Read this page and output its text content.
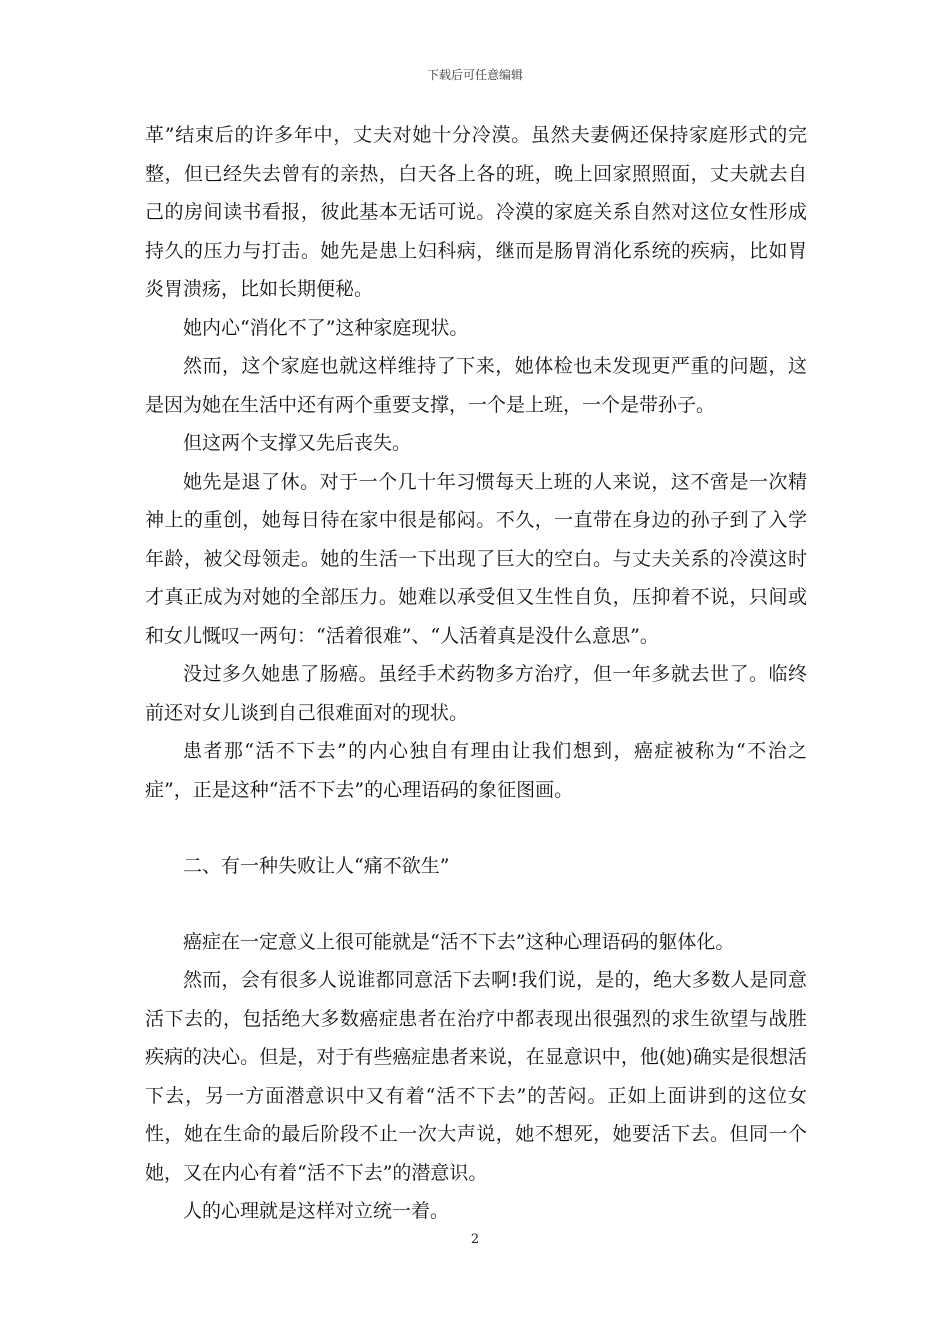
下载后可任意编辑

革”结束后的许多年中，丈夫对她十分冷漠。虽然夫妻俩还保持家庭形式的完整，但已经失去曾有的亲热，白天各上各的班，晚上回家照照面，丈夫就去自己的房间读书看报，彼此基本无话可说。冷漠的家庭关系自然对这位女性形成持久的压力与打击。她先是患上妇科病，继而是肠胃消化系统的疾病，比如胃炎胃溃疡，比如长期便秘。

她内心“消化不了”这种家庭现状。

然而，这个家庭也就这样维持了下来，她体检也未发现更严重的问题，这是因为她在生活中还有两个重要支撑，一个是上班，一个是带孙子。

但这两个支撑又先后丧失。

她先是退了休。对于一个几十年习惯每天上班的人来说，这不啻是一次精神上的重创，她每日待在家中很是郁闷。不久，一直带在身边的孙子到了入学年龄，被父母领走。她的生活一下出现了巨大的空白。与丈夫关系的冷漠这时才真正成为对她的全部压力。她难以承受但又生性自负，压抑着不说，只间或和女儿慨叹一两句：“活着很难”、“人活着真是没什么意思”。

没过多久她患了肠癌。虽经手术药物多方治疗，但一年多就去世了。临终前还对女儿谈到自己很难面对的现状。

患者那“活不下去”的内心独自有理由让我们想到，癌症被称为“不治之症”，正是这种“活不下去”的心理语码的象征图画。

二、有一种失败让人“痛不欲生”

癌症在一定意义上很可能就是“活不下去”这种心理语码的躯体化。

然而，会有很多人说谁都同意活下去啊!我们说，是的，绝大多数人是同意活下去的，包括绝大多数癌症患者在治疗中都表现出很强烈的求生欲望与战胜疾病的决心。但是，对于有些癌症患者来说，在显意识中，他(她)确实是很想活下去，另一方面潜意识中又有着“活不下去”的苦闷。正如上面讲到的这位女性，她在生命的最后阶段不止一次大声说，她不想死，她要活下去。但同一个她，又在内心有着“活不下去”的潜意识。

人的心理就是这样对立统一着。

2
